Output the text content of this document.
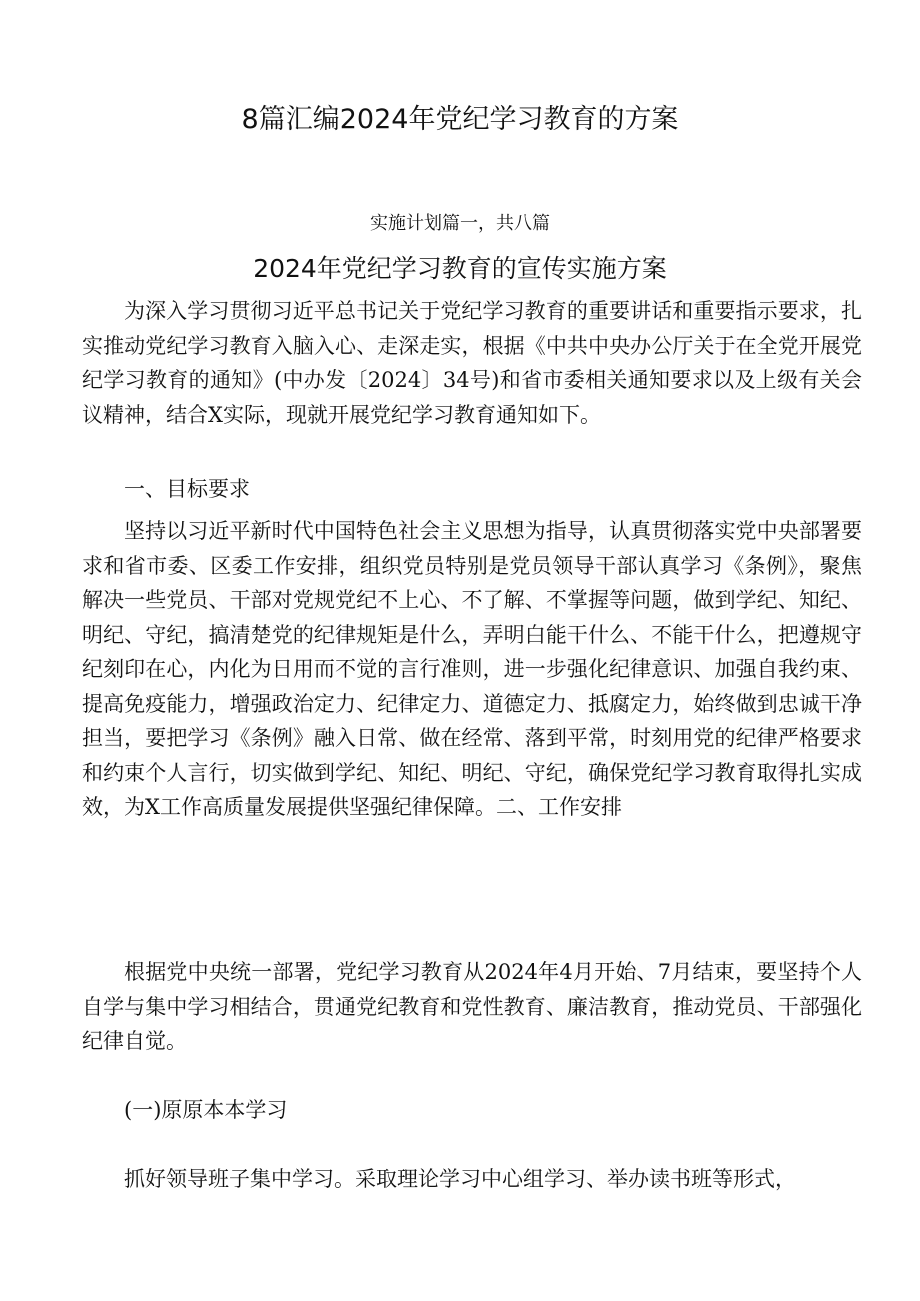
8篇汇编2024年党纪学习教育的方案

实施计划篇一，共八篇

2024年党纪学习教育的宣传实施方案

为深入学习贯彻习近平总书记关于党纪学习教育的重要讲话和重要指示要求，扎实推动党纪学习教育入脑入心、走深走实，根据《中共中央办公厅关于在全党开展党纪学习教育的通知》(中办发〔2024〕34号)和省市委相关通知要求以及上级有关会议精神，结合X实际，现就开展党纪学习教育通知如下。

一、目标要求

坚持以习近平新时代中国特色社会主义思想为指导，认真贯彻落实党中央部署要求和省市委、区委工作安排，组织党员特别是党员领导干部认真学习《条例》，聚焦解决一些党员、干部对党规党纪不上心、不了解、不掌握等问题，做到学纪、知纪、明纪、守纪，搞清楚党的纪律规矩是什么，弄明白能干什么、不能干什么，把遵规守纪刻印在心，内化为日用而不觉的言行准则，进一步强化纪律意识、加强自我约束、提高免疫能力，增强政治定力、纪律定力、道德定力、抵腐定力，始终做到忠诚干净担当，要把学习《条例》融入日常、做在经常、落到平常，时刻用党的纪律严格要求和约束个人言行，切实做到学纪、知纪、明纪、守纪，确保党纪学习教育取得扎实成效，为X工作高质量发展提供坚强纪律保障。二、工作安排

根据党中央统一部署，党纪学习教育从2024年4月开始、7月结束，要坚持个人自学与集中学习相结合，贯通党纪教育和党性教育、廉洁教育，推动党员、干部强化纪律自觉。

(一)原原本本学习

抓好领导班子集中学习。采取理论学习中心组学习、举办读书班等形式，
